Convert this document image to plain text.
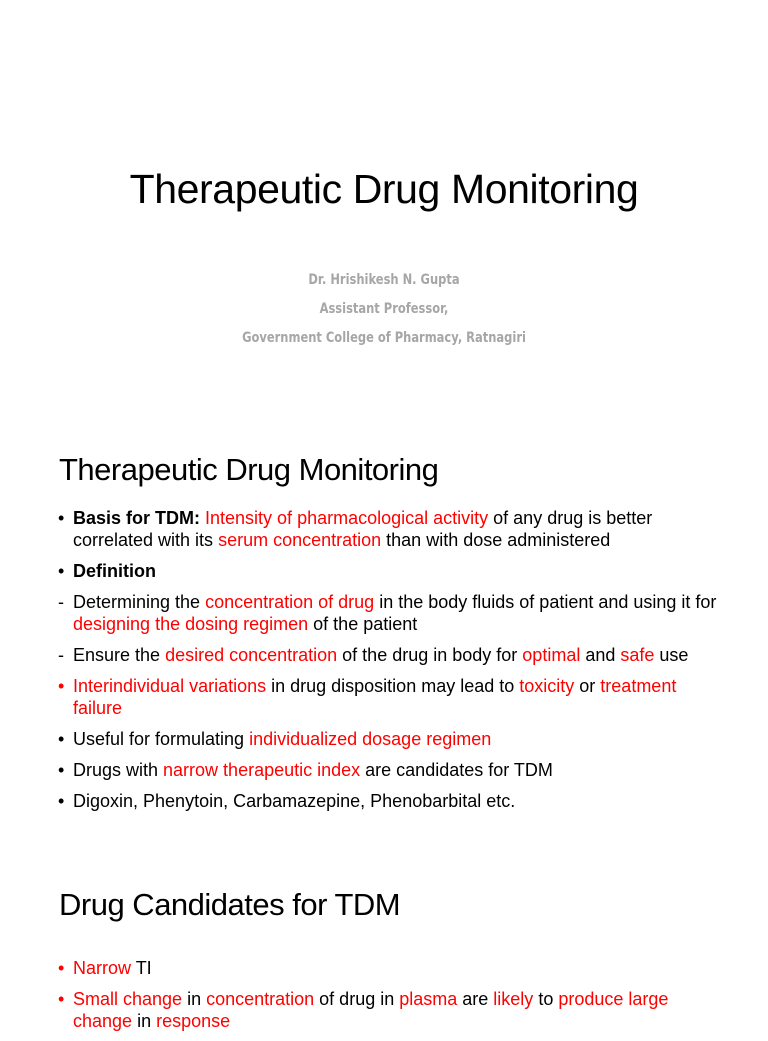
Therapeutic Drug Monitoring
Dr. Hrishikesh N. Gupta
Assistant Professor,
Government College of Pharmacy, Ratnagiri
Therapeutic Drug Monitoring
• Basis for TDM: Intensity of pharmacological activity of any drug is better correlated with its serum concentration than with dose administered
• Definition
- Determining the concentration of drug in the body fluids of patient and using it for designing the dosing regimen of the patient
- Ensure the desired concentration of the drug in body for optimal and safe use
• Interindividual variations in drug disposition may lead to toxicity or treatment failure
• Useful for formulating individualized dosage regimen
• Drugs with narrow therapeutic index are candidates for TDM
• Digoxin, Phenytoin, Carbamazepine, Phenobarbital etc.
Drug Candidates for TDM
• Narrow TI
• Small change in concentration of drug in plasma are likely to produce large change in response
